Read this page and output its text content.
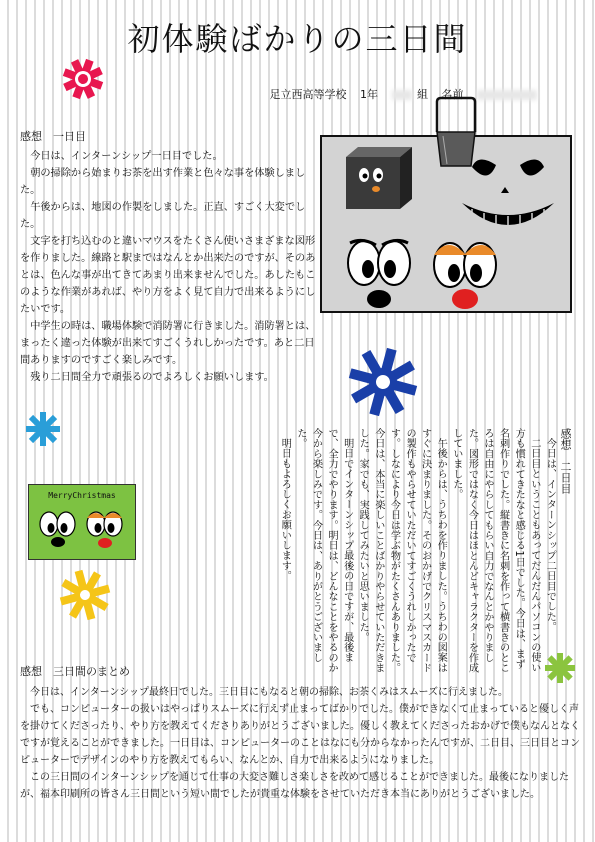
初体験ばかりの三日間
足立西高等学校 1年	組 名前
感想　一日目

今日は、インターンシップ一日目でした。

朝の掃除から始まりお茶を出す作業と色々な事を体験しました。

午後からは、地図の作製をしました。正直、すごく大変でした。

文字を打ち込むのと違いマウスをたくさん使いさまざまな図形を作りました。線路と駅まではなんとか出来たのですが、そのあとは、色んな事が出てきてあまり出来ませんでした。あしたもこのような作業があれば、やり方をよく見て自力で出来るようにしたいです。

中学生の時は、職場体験で消防署に行きました。消防署とは、まったく違った体験が出来てすごくうれしかったです。あと二日間ありますのですごく楽しみです。

残り二日間全力で頑張るのでよろしくお願いします。

感想　二日目

今日は、インターンシップ二日目でした。

二日目ということもあってだんだんパソコンの使い方も慣れてきたなと感じる1日でした。今日は、まず名刺作りでした。縦書きに名刺を作って横書きのところは自由にやらしてもらい自力でなんとかやりました。図形ではなく今日はほとんどキャラクターを作成していました。

午後からは、うちわを作りました。うちわの図案はすぐに決まりました。そのおかげでクリスマスカードの製作もやらせていただいてすごくうれしかったです。しなにより今日は学ぶ物がたくさんありました。今日は、本当に楽しいことばかりやらせていただきました。家でも、実践してみたいと思いました。

明日でインターンシップ最後の日ですが、最後まで、全力でやります。明日は、どんなことをやるのか今から楽しみです。今日は、ありがとうございました。

明日もよろしくお願いします。

MerryChristmas
感想　三日間のまとめ

今日は、インターンシップ最終日でした。三日目にもなると朝の掃除、お茶くみはスムーズに行えました。

でも、コンピューターの扱いはやっぱりスムーズに行えず止まってばかりでした。僕ができなくて止まっていると優しく声を掛けてくださったり、やり方を教えてくださりありがとうございました。優しく教えてくださったおかげで僕もなんとなくですが覚えることができました。一日目は、コンピューターのことはなにも分からなかったんですが、二日目、三日目とコンピューターでデザインのやり方を教えてもらい、なんとか、自力で出来るようになりました。

この三日間のインターンシップを通じて仕事の大変さ難しさ楽しさを改めて感じることができました。最後になりましたが、福本印刷所の皆さん三日間という短い間でしたが貴重な体験をさせていただき本当にありがとうございました。
